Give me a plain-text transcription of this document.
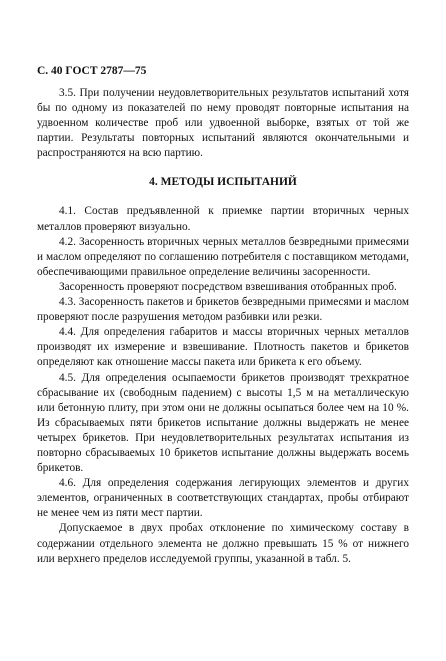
С. 40 ГОСТ 2787—75

3.5. При получении неудовлетворительных результатов испытаний хотя бы по одному из показателей по нему проводят повторные испытания на удвоенном количестве проб или удвоенной выборке, взятых от той же партии. Результаты повторных испытаний являются окончательными и распространяются на всю партию.

4. МЕТОДЫ ИСПЫТАНИЙ

4.1. Состав предъявленной к приемке партии вторичных черных металлов проверяют визуально.

4.2. Засоренность вторичных черных металлов безвредными примесями и маслом определяют по соглашению потребителя с поставщиком методами, обеспечивающими правильное определение величины засоренности.

Засоренность проверяют посредством взвешивания отобранных проб.

4.3. Засоренность пакетов и брикетов безвредными примесями и маслом проверяют после разрушения методом разбивки или резки.

4.4. Для определения габаритов и массы вторичных черных металлов производят их измерение и взвешивание. Плотность пакетов и брикетов определяют как отношение массы пакета или брикета к его объему.

4.5. Для определения осыпаемости брикетов производят трехкратное сбрасывание их (свободным падением) с высоты 1,5 м на металлическую или бетонную плиту, при этом они не должны осыпаться более чем на 10 %. Из сбрасываемых пяти брикетов испытание должны выдержать не менее четырех брикетов. При неудовлетворительных результатах испытания из повторно сбрасываемых 10 брикетов испытание должны выдержать восемь брикетов.

4.6. Для определения содержания легирующих элементов и других элементов, ограниченных в соответствующих стандартах, пробы отбирают не менее чем из пяти мест партии.

Допускаемое в двух пробах отклонение по химическому составу в содержании отдельного элемента не должно превышать 15 % от нижнего или верхнего пределов исследуемой группы, указанной в табл. 5.
